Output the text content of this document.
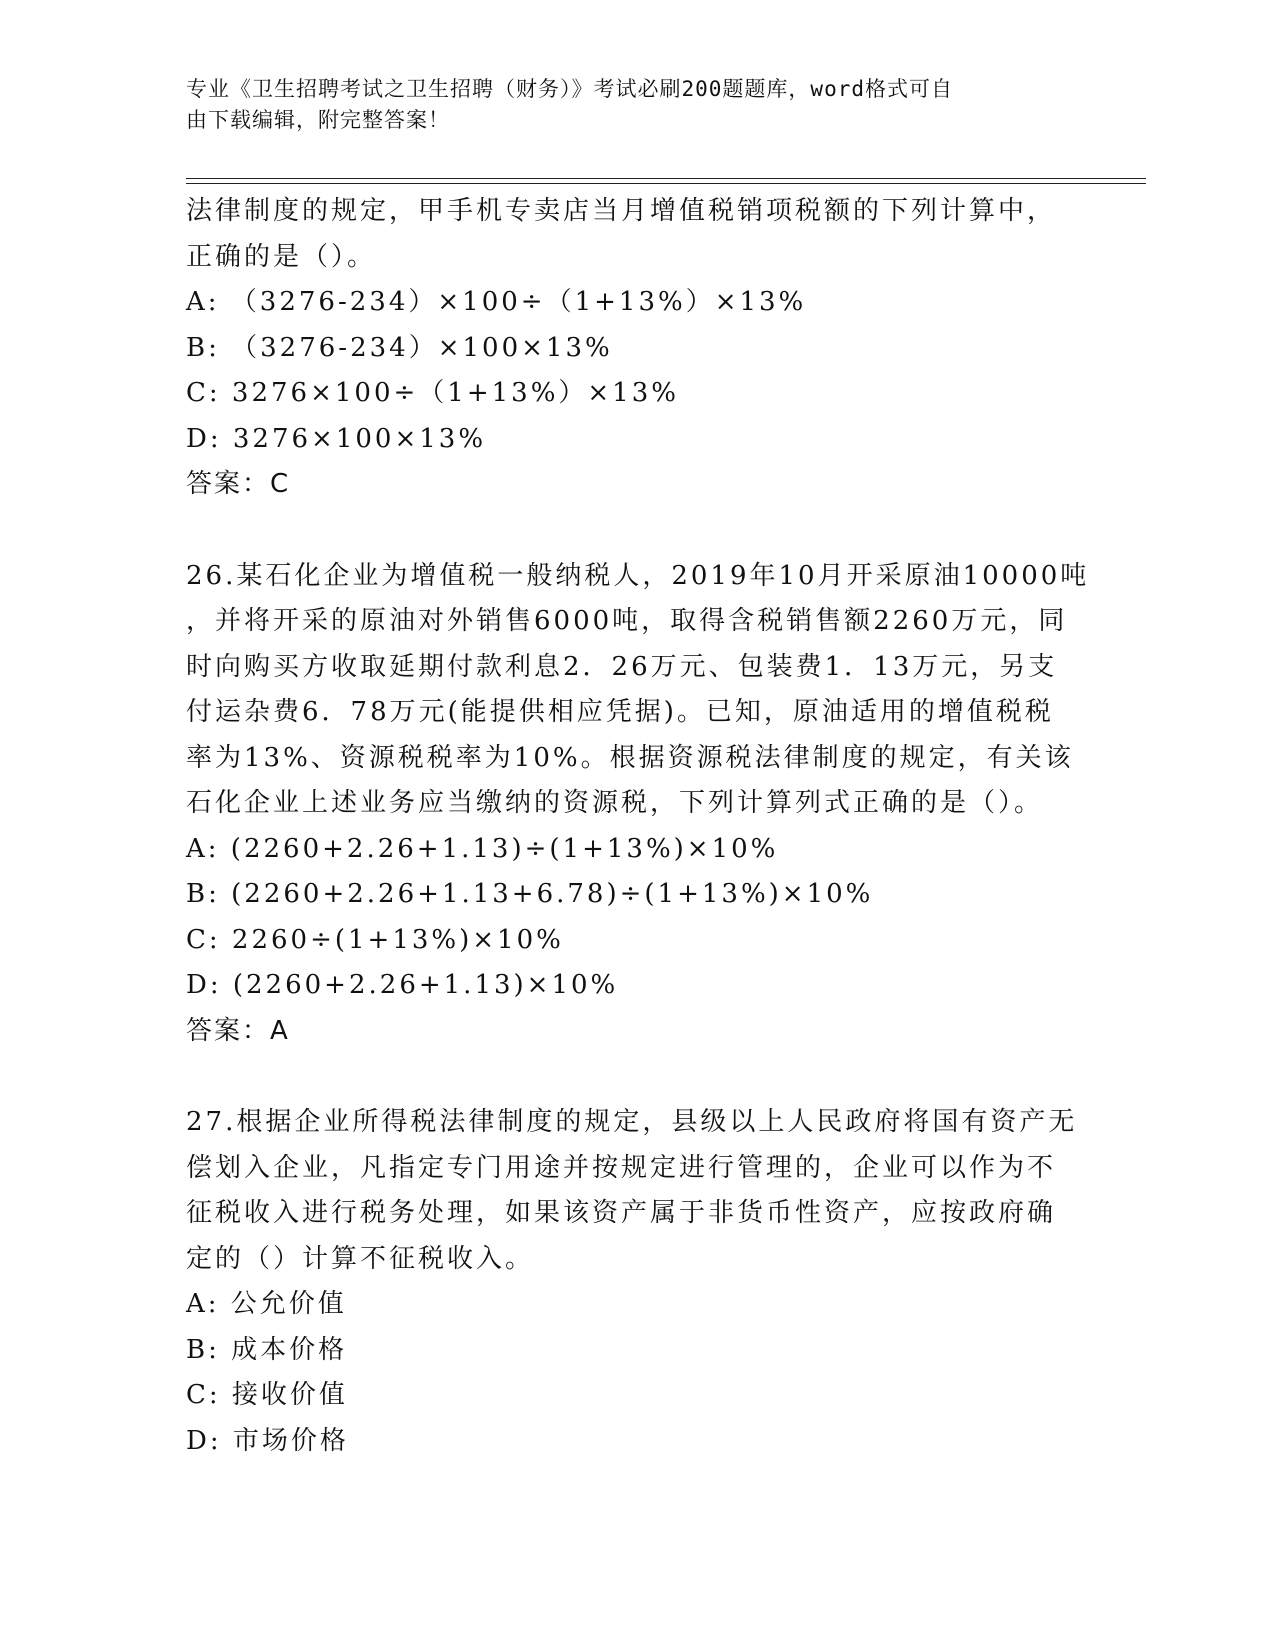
专业《卫生招聘考试之卫生招聘（财务）》考试必刷200题题库，word格式可自
由下载编辑，附完整答案！
法律制度的规定，甲手机专卖店当月增值税销项税额的下列计算中，
正确的是（）。
A: （3276-234）×100÷（1+13%）×13%
B: （3276-234）×100×13%
C: 3276×100÷（1+13%）×13%
D: 3276×100×13%
答案：C
26.某石化企业为增值税一般纳税人，2019年10月开采原油10000吨
，并将开采的原油对外销售6000吨，取得含税销售额2260万元，同
时向购买方收取延期付款利息2．26万元、包装费1．13万元，另支
付运杂费6．78万元(能提供相应凭据)。已知，原油适用的增值税税
率为13%、资源税税率为10%。根据资源税法律制度的规定，有关该
石化企业上述业务应当缴纳的资源税，下列计算列式正确的是（）。
A: (2260+2.26+1.13)÷(1+13%)×10%
B: (2260+2.26+1.13+6.78)÷(1+13%)×10%
C: 2260÷(1+13%)×10%
D: (2260+2.26+1.13)×10%
答案：A
27.根据企业所得税法律制度的规定，县级以上人民政府将国有资产无
偿划入企业，凡指定专门用途并按规定进行管理的，企业可以作为不
征税收入进行税务处理，如果该资产属于非货币性资产，应按政府确
定的（）计算不征税收入。
A: 公允价值
B: 成本价格
C: 接收价值
D: 市场价格
